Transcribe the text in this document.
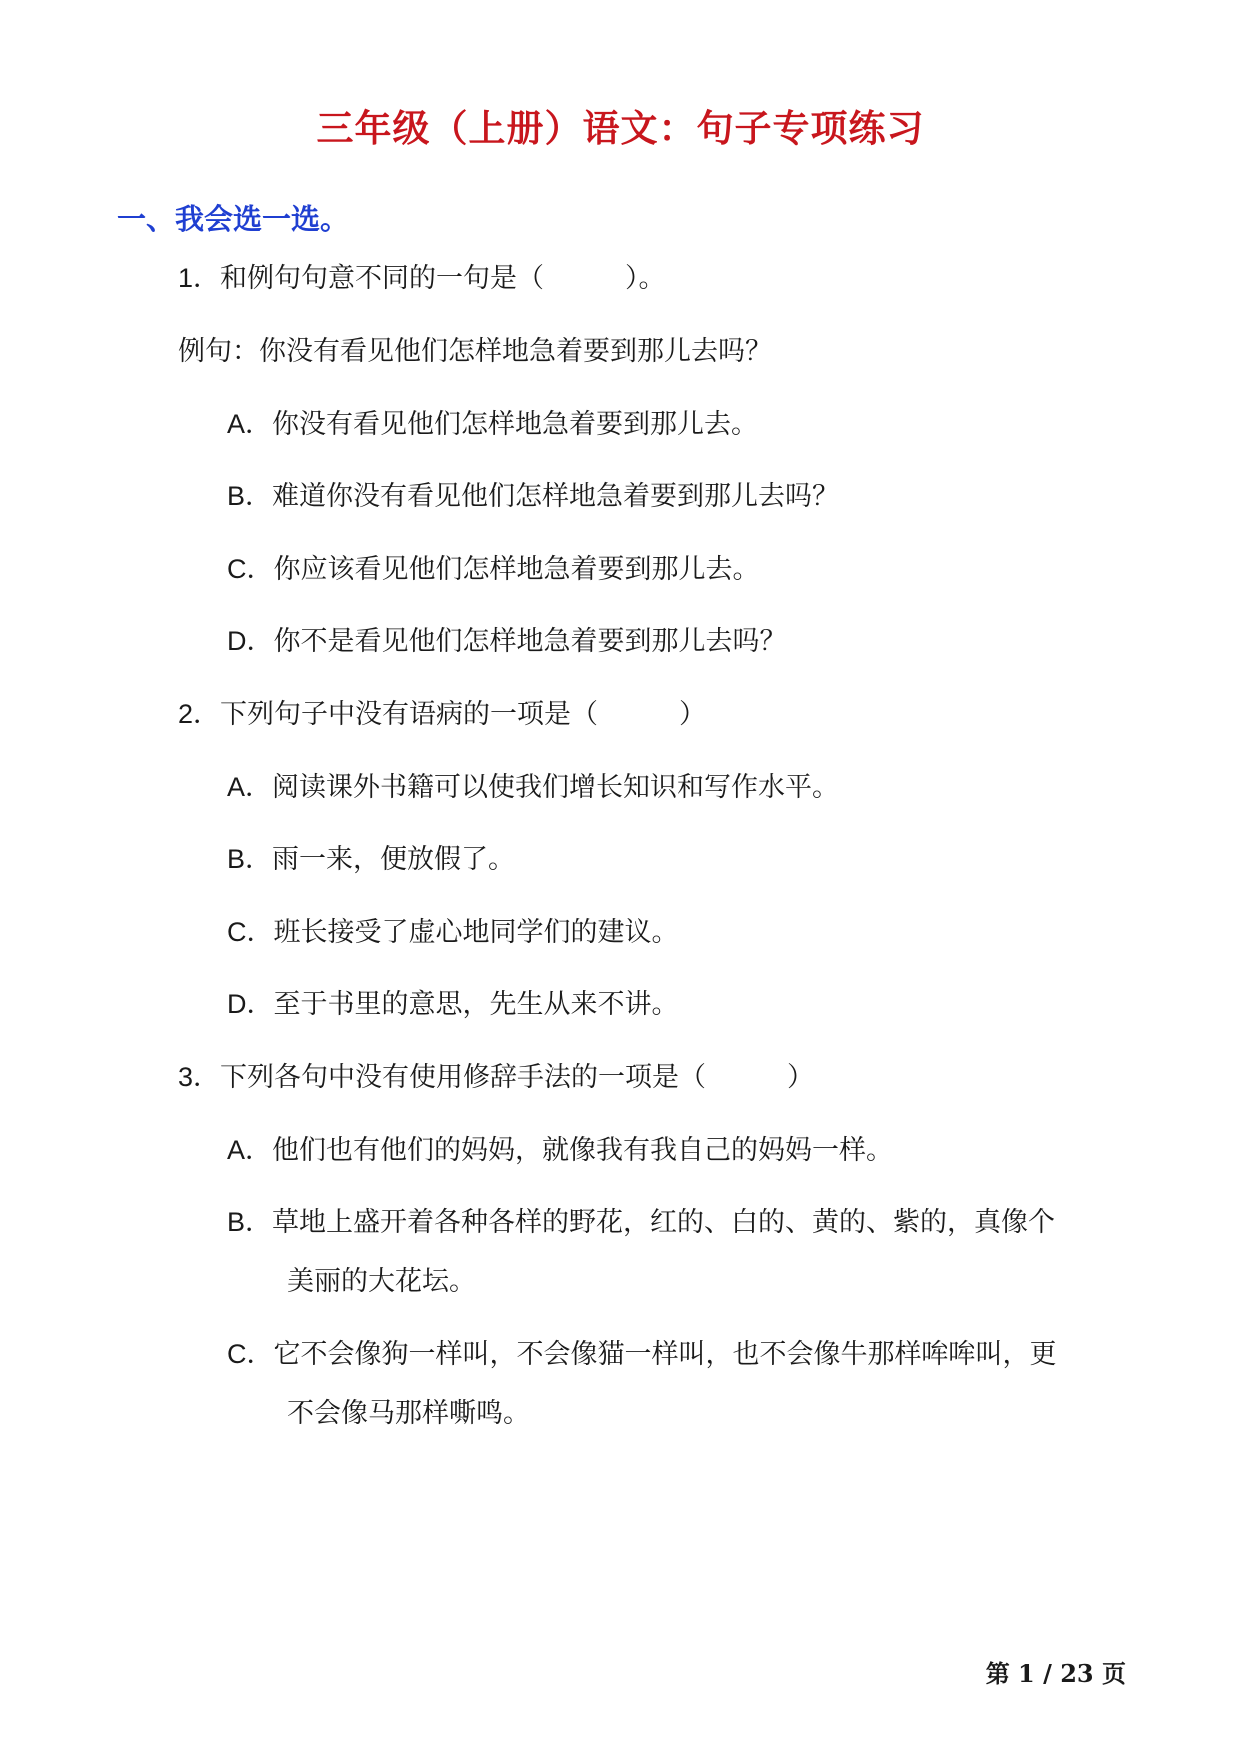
三年级（上册）语文：句子专项练习
一、我会选一选。
1．和例句句意不同的一句是（　　　）。
例句：你没有看见他们怎样地急着要到那儿去吗？
A．你没有看见他们怎样地急着要到那儿去。
B．难道你没有看见他们怎样地急着要到那儿去吗？
C．你应该看见他们怎样地急着要到那儿去。
D．你不是看见他们怎样地急着要到那儿去吗？
2．下列句子中没有语病的一项是（　　　）
A．阅读课外书籍可以使我们增长知识和写作水平。
B．雨一来，便放假了。
C．班长接受了虚心地同学们的建议。
D．至于书里的意思，先生从来不讲。
3．下列各句中没有使用修辞手法的一项是（　　　）
A．他们也有他们的妈妈，就像我有我自己的妈妈一样。
B．草地上盛开着各种各样的野花，红的、白的、黄的、紫的，真像个
美丽的大花坛。
C．它不会像狗一样叫，不会像猫一样叫，也不会像牛那样哞哞叫，更
不会像马那样嘶鸣。
第 1 / 23 页
